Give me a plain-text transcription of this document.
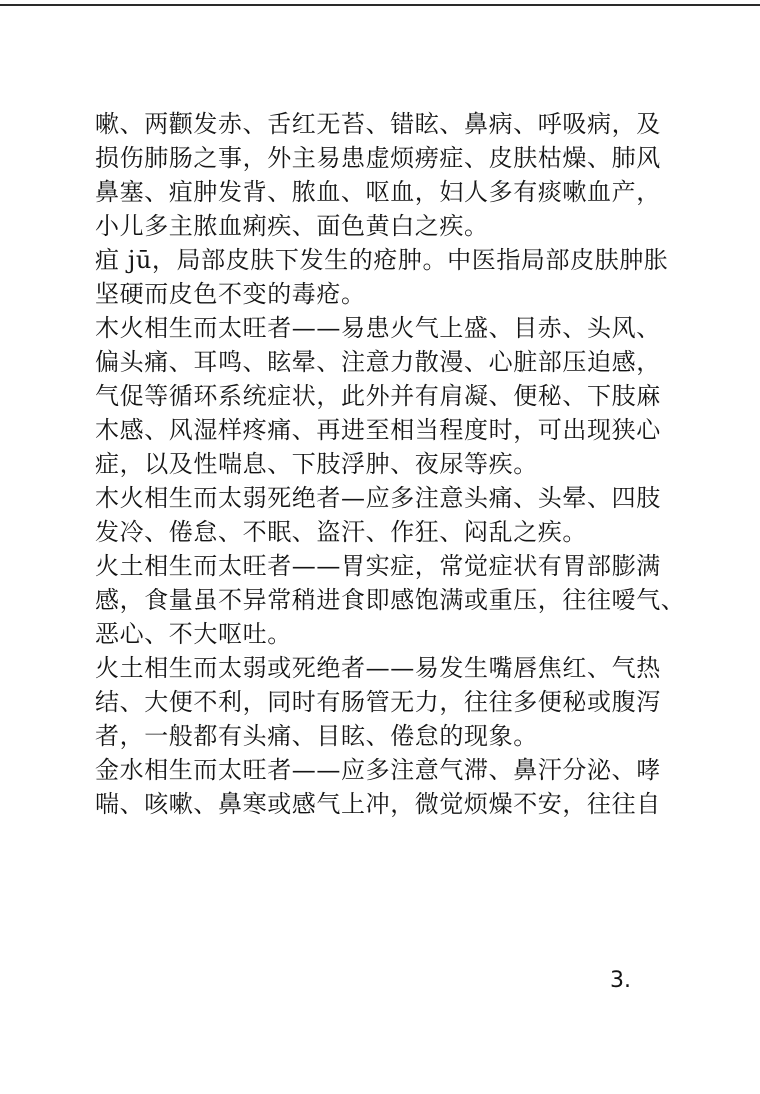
嗽、两颧发赤、舌红无苔、错眩、鼻病、呼吸病，及
损伤肺肠之事，外主易患虚烦痨症、皮肤枯燥、肺风
鼻塞、疽肿发背、脓血、呕血，妇人多有痰嗽血产，
小儿多主脓血痢疾、面色黄白之疾。
疽 jū，局部皮肤下发生的疮肿。中医指局部皮肤肿胀
坚硬而皮色不变的毒疮。
木火相生而太旺者——易患火气上盛、目赤、头风、
偏头痛、耳鸣、眩晕、注意力散漫、心脏部压迫感，
气促等循环系统症状，此外并有肩凝、便秘、下肢麻
木感、风湿样疼痛、再进至相当程度时，可出现狭心
症，以及性喘息、下肢浮肿、夜尿等疾。
木火相生而太弱死绝者—应多注意头痛、头晕、四肢
发冷、倦怠、不眠、盗汗、作狂、闷乱之疾。
火土相生而太旺者——胃实症，常觉症状有胃部膨满
感，食量虽不异常稍进食即感饱满或重压，往往嗳气、
恶心、不大呕吐。
火土相生而太弱或死绝者——易发生嘴唇焦红、气热
结、大便不利，同时有肠管无力，往往多便秘或腹泻
者，一般都有头痛、目眩、倦怠的现象。
金水相生而太旺者——应多注意气滞、鼻汗分泌、哮
喘、咳嗽、鼻寒或感气上冲，微觉烦燥不安，往往自
3.
